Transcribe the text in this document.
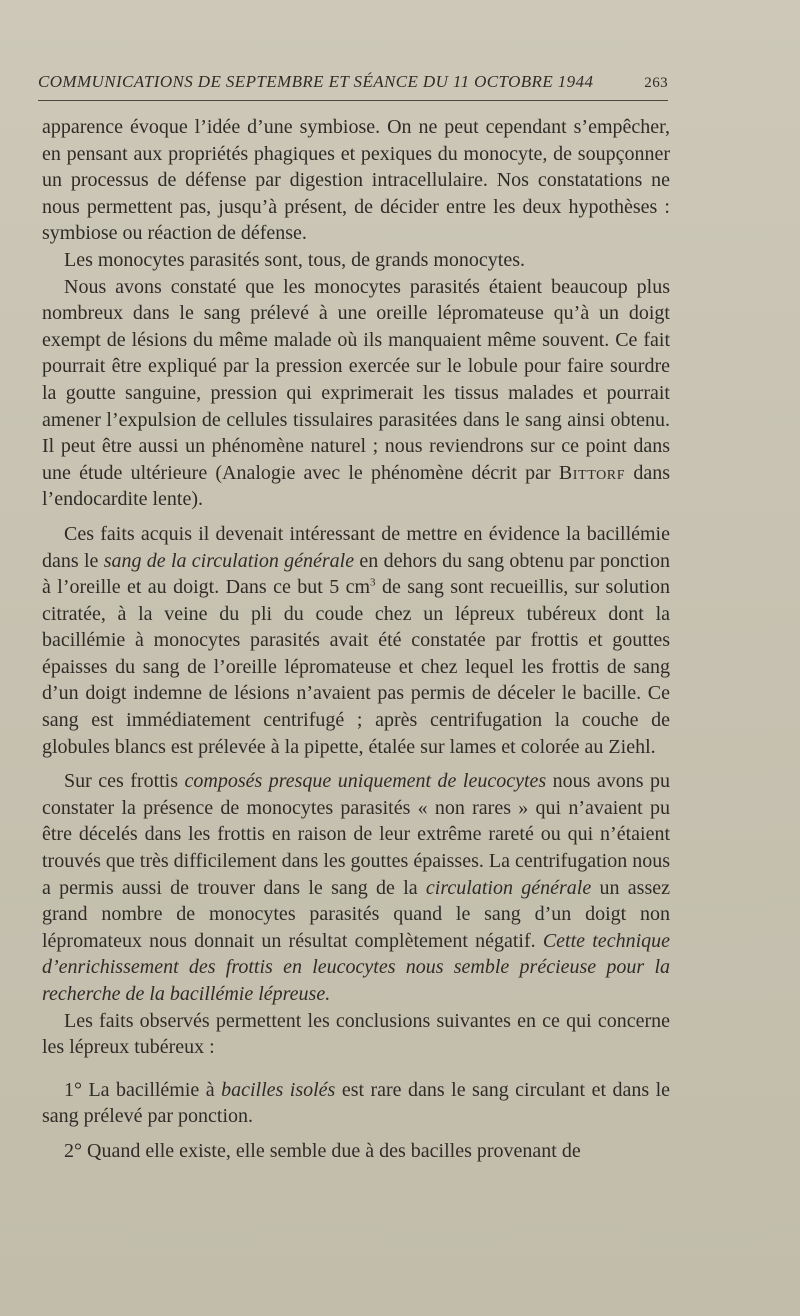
COMMUNICATIONS DE SEPTEMBRE ET SÉANCE DU 11 OCTOBRE 1944	263

apparence évoque l’idée d’une symbiose. On ne peut cependant s’empêcher, en pensant aux propriétés phagiques et pexiques du monocyte, de soupçonner un processus de défense par digestion intracellulaire. Nos constatations ne nous permettent pas, jusqu’à présent, de décider entre les deux hypothèses : symbiose ou réaction de défense.

Les monocytes parasités sont, tous, de grands monocytes.

Nous avons constaté que les monocytes parasités étaient beaucoup plus nombreux dans le sang prélevé à une oreille lépromateuse qu’à un doigt exempt de lésions du même malade où ils manquaient même souvent. Ce fait pourrait être expliqué par la pression exercée sur le lobule pour faire sourdre la goutte sanguine, pression qui exprimerait les tissus malades et pourrait amener l’expulsion de cellules tissulaires parasitées dans le sang ainsi obtenu. Il peut être aussi un phénomène naturel ; nous reviendrons sur ce point dans une étude ultérieure (Analogie avec le phénomène décrit par Bittorf dans l’endocardite lente).

Ces faits acquis il devenait intéressant de mettre en évidence la bacillémie dans le sang de la circulation générale en dehors du sang obtenu par ponction à l’oreille et au doigt. Dans ce but 5 $cm^3$ de sang sont recueillis, sur solution citratée, à la veine du pli du coude chez un lépreux tubéreux dont la bacillémie à monocytes parasités avait été constatée par frottis et gouttes épaisses du sang de l’oreille lépromateuse et chez lequel les frottis de sang d’un doigt indemne de lésions n’avaient pas permis de déceler le bacille. Ce sang est immédiatement centrifugé ; après centrifugation la couche de globules blancs est prélevée à la pipette, étalée sur lames et colorée au Ziehl.

Sur ces frottis composés presque uniquement de leucocytes nous avons pu constater la présence de monocytes parasités « non rares » qui n’avaient pu être décelés dans les frottis en raison de leur extrême rareté ou qui n’étaient trouvés que très difficilement dans les gouttes épaisses. La centrifugation nous a permis aussi de trouver dans le sang de la circulation générale un assez grand nombre de monocytes parasités quand le sang d’un doigt non lépromateux nous donnait un résultat complètement négatif. Cette technique d’enrichissement des frottis en leucocytes nous semble précieuse pour la recherche de la bacillémie lépreuse.

Les faits observés permettent les conclusions suivantes en ce qui concerne les lépreux tubéreux :

1° La bacillémie à bacilles isolés est rare dans le sang circulant et dans le sang prélevé par ponction.

2° Quand elle existe, elle semble due à des bacilles provenant de
